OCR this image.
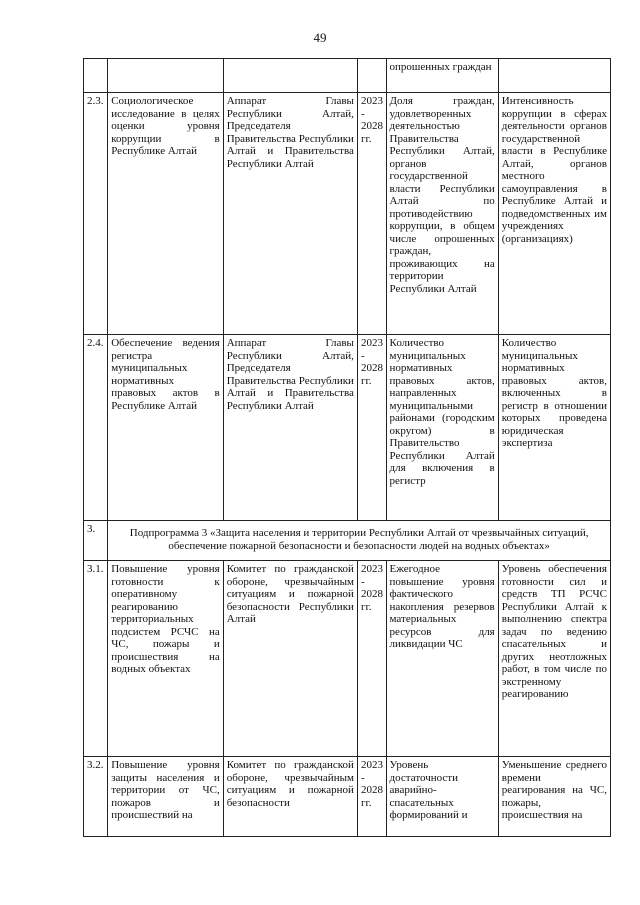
49
				опрошенных граждан	
2.3.	Социологическое исследование в целях оценки уровня коррупции в Республике Алтай	Аппарат Главы Республики Алтай, Председателя Правительства Республики Алтай и Правительства Республики Алтай	2023 - 2028 гг.	Доля граждан, удовлетворенных деятельностью Правительства Республики Алтай, органов государственной власти Республики Алтай по противодействию коррупции, в общем числе опрошенных граждан, проживающих на территории Республики Алтай	Интенсивность коррупции в сферах деятельности органов государственной власти в Республике Алтай, органов местного самоуправления в Республике Алтай и подведомственных им учреждениях (организациях)
2.4.	Обеспечение ведения регистра муниципальных нормативных правовых актов в Республике Алтай	Аппарат Главы Республики Алтай, Председателя Правительства Республики Алтай и Правительства Республики Алтай	2023 - 2028 гг.	Количество муниципальных нормативных правовых актов, направленных муниципальными районами (городским округом) в Правительство Республики Алтай для включения в регистр	Количество муниципальных нормативных правовых актов, включенных в регистр в отношении которых проведена юридическая экспертиза
3.	Подпрограмма 3 «Защита населения и территории Республики Алтай от чрезвычайных ситуаций, обеспечение пожарной безопасности и безопасности людей на водных объектах»				
3.1.	Повышение уровня готовности к оперативному реагированию территориальных подсистем РСЧС на ЧС, пожары и происшествия на водных объектах	Комитет по гражданской обороне, чрезвычайным ситуациям и пожарной безопасности Республики Алтай	2023 - 2028 гг.	Ежегодное повышение уровня фактического накопления резервов материальных ресурсов для ликвидации ЧС	Уровень обеспечения готовности сил и средств ТП РСЧС Республики Алтай к выполнению спектра задач по ведению спасательных и других неотложных работ, в том числе по экстренному реагированию
3.2.	Повышение уровня защиты населения и территории от ЧС, пожаров и происшествий на	Комитет по гражданской обороне, чрезвычайным ситуациям и пожарной безопасности	2023 - 2028 гг.	Уровень достаточности аварийно-спасательных формирований и	Уменьшение среднего времени реагирования на ЧС, пожары, происшествия на
